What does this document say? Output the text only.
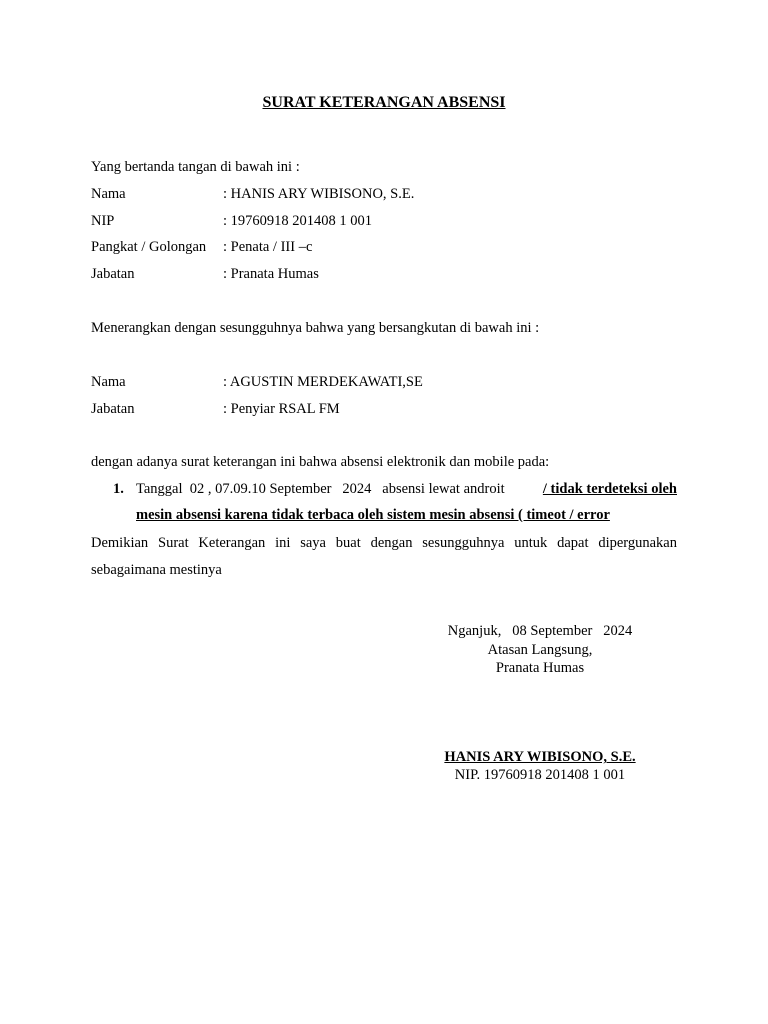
SURAT KETERANGAN ABSENSI
Yang bertanda tangan di bawah ini :
Nama	: HANIS ARY WIBISONO, S.E.
NIP	: 19760918 201408 1 001
Pangkat / Golongan : Penata / III –c
Jabatan	: Pranata Humas
Menerangkan dengan sesungguhnya bahwa yang bersangkutan di bawah ini :
Nama	: AGUSTIN MERDEKAWATI,SE
Jabatan	: Penyiar RSAL FM
dengan adanya surat keterangan ini bahwa absensi elektronik dan mobile pada:
1. Tanggal  02 , 07.09.10 September   2024   absensi lewat androit	/ tidak terdeteksi oleh
mesin absensi karena tidak terbaca oleh sistem mesin absensi ( timeot / error
Demikian Surat Keterangan ini saya buat dengan sesungguhnya untuk dapat dipergunakan
sebagaimana mestinya
Nganjuk,   08 September   2024
Atasan Langsung,
Pranata Humas
HANIS ARY WIBISONO, S.E.
NIP. 19760918 201408 1 001
